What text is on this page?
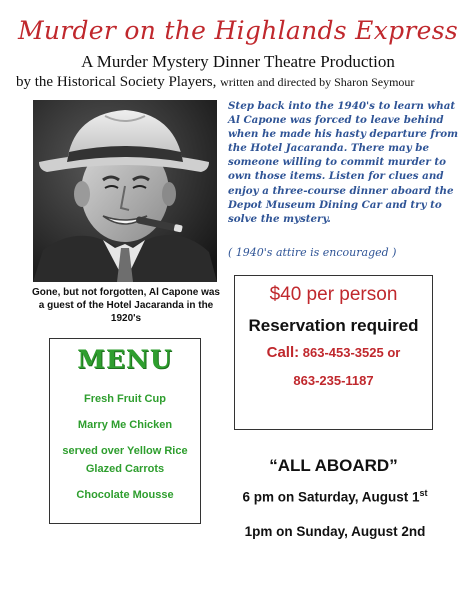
Murder on the Highlands Express
A Murder Mystery Dinner Theatre Production
by the Historical Society Players, written and directed by Sharon Seymour
Gone, but not forgotten, Al Capone was a guest of the Hotel Jacaranda in the 1920's
Step back into the 1940's to learn what Al Capone was forced to leave behind when he made his hasty departure from the Hotel Jacaranda. There may be someone willing to commit murder to own those items. Listen for clues and enjoy a three-course dinner aboard the Depot Museum Dining Car and try to solve the mystery.
( 1940's attire is encouraged )
$40 per person
Reservation required
Call: 863-453-3525 or
863-235-1187
MENU
Fresh Fruit Cup
Marry Me Chicken
served over Yellow Rice
Glazed Carrots
Chocolate Mousse
“ALL ABOARD”
6 pm on Saturday, August 1st
1pm on Sunday, August 2nd
